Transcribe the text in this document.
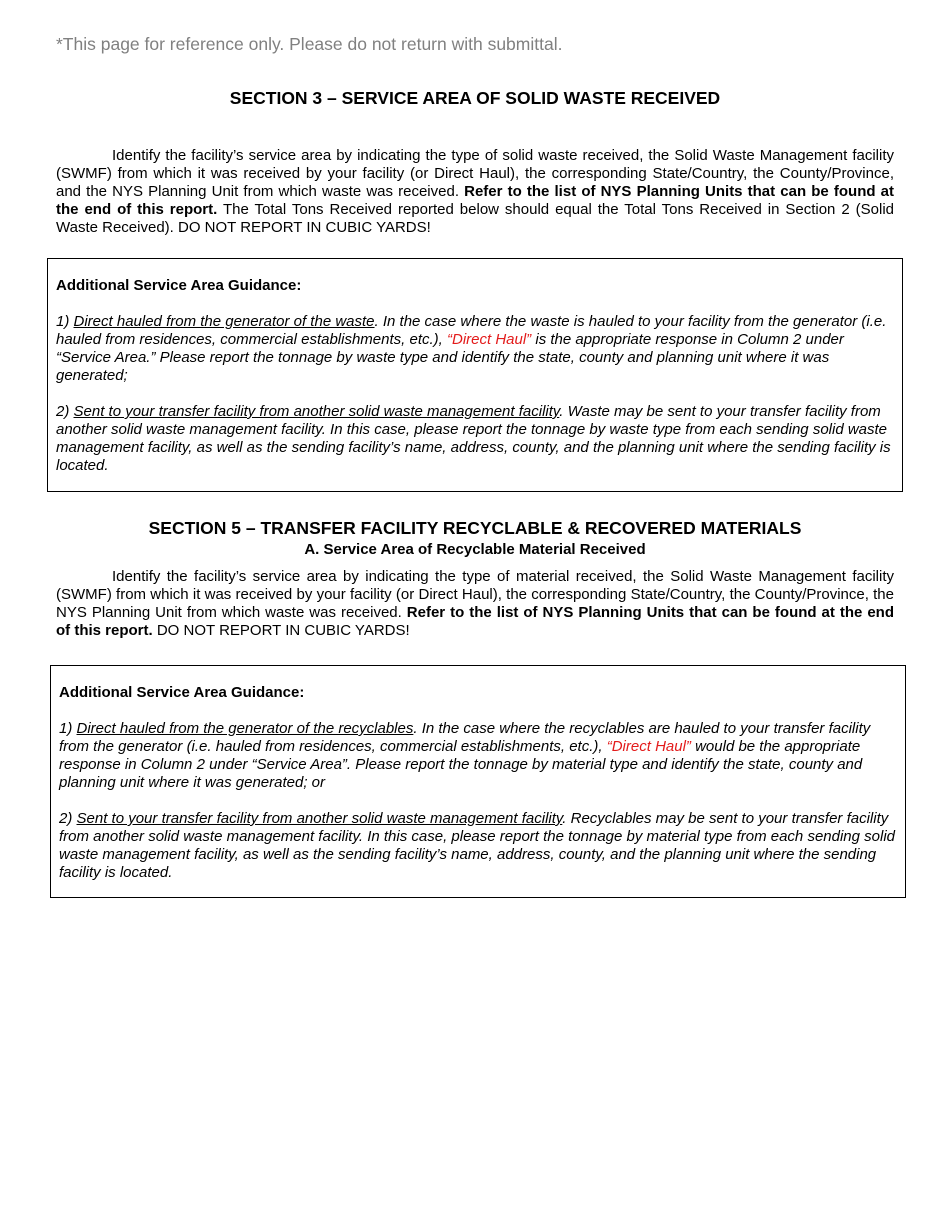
*This page for reference only. Please do not return with submittal.
SECTION 3 – SERVICE AREA OF SOLID WASTE RECEIVED
Identify the facility’s service area by indicating the type of solid waste received, the Solid Waste Management facility (SWMF) from which it was received by your facility (or Direct Haul), the corresponding State/Country, the County/Province, and the NYS Planning Unit from which waste was received. Refer to the list of NYS Planning Units that can be found at the end of this report. The Total Tons Received reported below should equal the Total Tons Received in Section 2 (Solid Waste Received). DO NOT REPORT IN CUBIC YARDS!
Additional Service Area Guidance:
1) Direct hauled from the generator of the waste. In the case where the waste is hauled to your facility from the generator (i.e. hauled from residences, commercial establishments, etc.), “Direct Haul” is the appropriate response in Column 2 under “Service Area.” Please report the tonnage by waste type and identify the state, county and planning unit where it was generated;
2) Sent to your transfer facility from another solid waste management facility. Waste may be sent to your transfer facility from another solid waste management facility. In this case, please report the tonnage by waste type from each sending solid waste management facility, as well as the sending facility’s name, address, county, and the planning unit where the sending facility is located.
SECTION 5 – TRANSFER FACILITY RECYCLABLE & RECOVERED MATERIALS
A. Service Area of Recyclable Material Received
Identify the facility’s service area by indicating the type of material received, the Solid Waste Management facility (SWMF) from which it was received by your facility (or Direct Haul), the corresponding State/Country, the County/Province, the NYS Planning Unit from which waste was received. Refer to the list of NYS Planning Units that can be found at the end of this report. DO NOT REPORT IN CUBIC YARDS!
Additional Service Area Guidance:
1) Direct hauled from the generator of the recyclables. In the case where the recyclables are hauled to your transfer facility from the generator (i.e. hauled from residences, commercial establishments, etc.), “Direct Haul” would be the appropriate response in Column 2 under “Service Area”. Please report the tonnage by material type and identify the state, county and planning unit where it was generated; or
2) Sent to your transfer facility from another solid waste management facility. Recyclables may be sent to your transfer facility from another solid waste management facility. In this case, please report the tonnage by material type from each sending solid waste management facility, as well as the sending facility’s name, address, county, and the planning unit where the sending facility is located.
